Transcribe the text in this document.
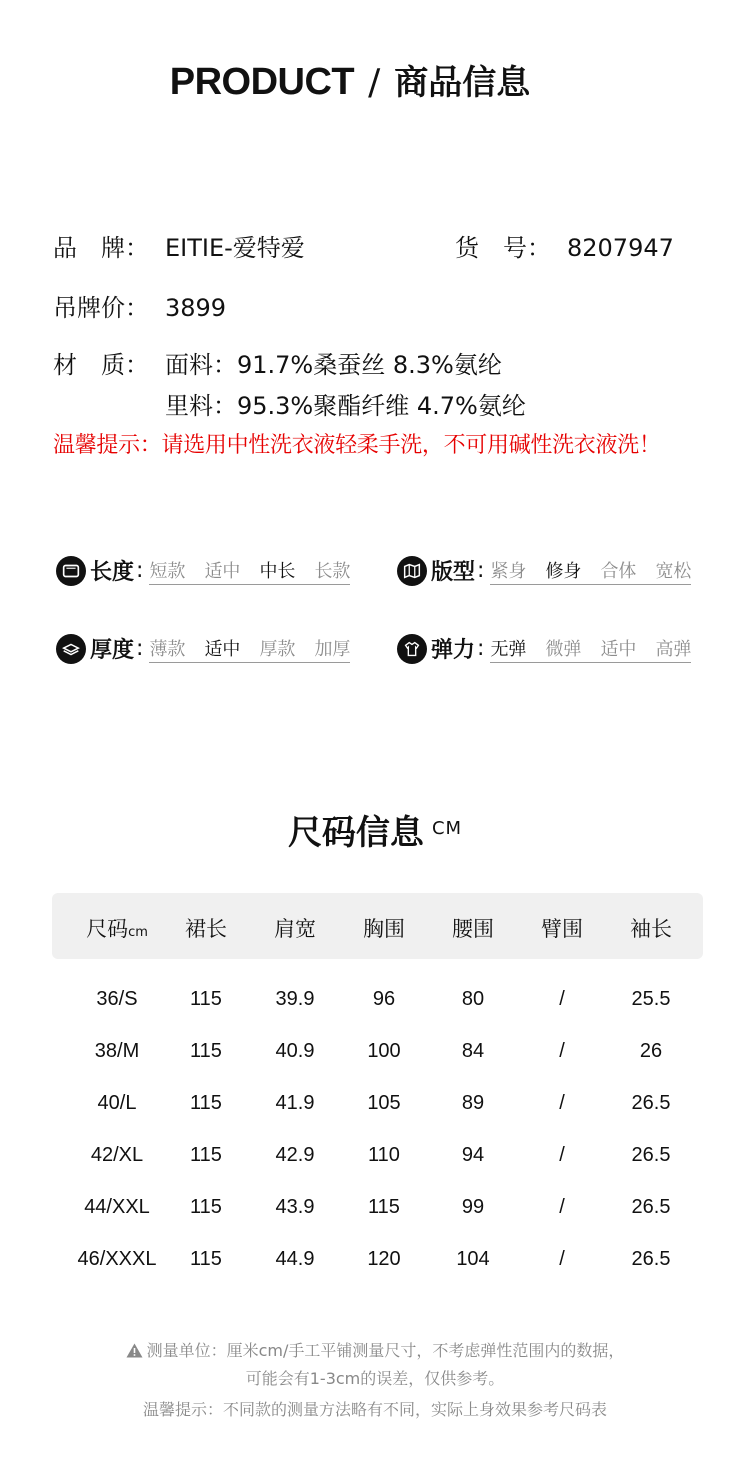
PRODUCT / 商品信息
品　牌： EITIE-爱特爱	货　号： 8207947
吊牌价： 3899
材　质： 面料：91.7%桑蚕丝 8.3%氨纶
里料：95.3%聚酯纤维 4.7%氨纶
温馨提示：请选用中性洗衣液轻柔手洗，不可用碱性洗衣液洗！
长度 : 短款 适中 中长 长款	版型 : 紧身 修身 合体 宽松
厚度 : 薄款 适中 厚款 加厚	弹力 : 无弹 微弹 适中 高弹
尺码信息 CM
尺码cm	裙长	肩宽	胸围	腰围	臂围	袖长
36/S	115	39.9	96	80	/	25.5
38/M	115	40.9	100	84	/	26
40/L	115	41.9	105	89	/	26.5
42/XL	115	42.9	110	94	/	26.5
44/XXL	115	43.9	115	99	/	26.5
46/XXXL	115	44.9	120	104	/	26.5
测量单位：厘米cm/手工平铺测量尺寸，不考虑弹性范围内的数据，
可能会有1-3cm的误差，仅供参考。
温馨提示：不同款的测量方法略有不同，实际上身效果参考尺码表
